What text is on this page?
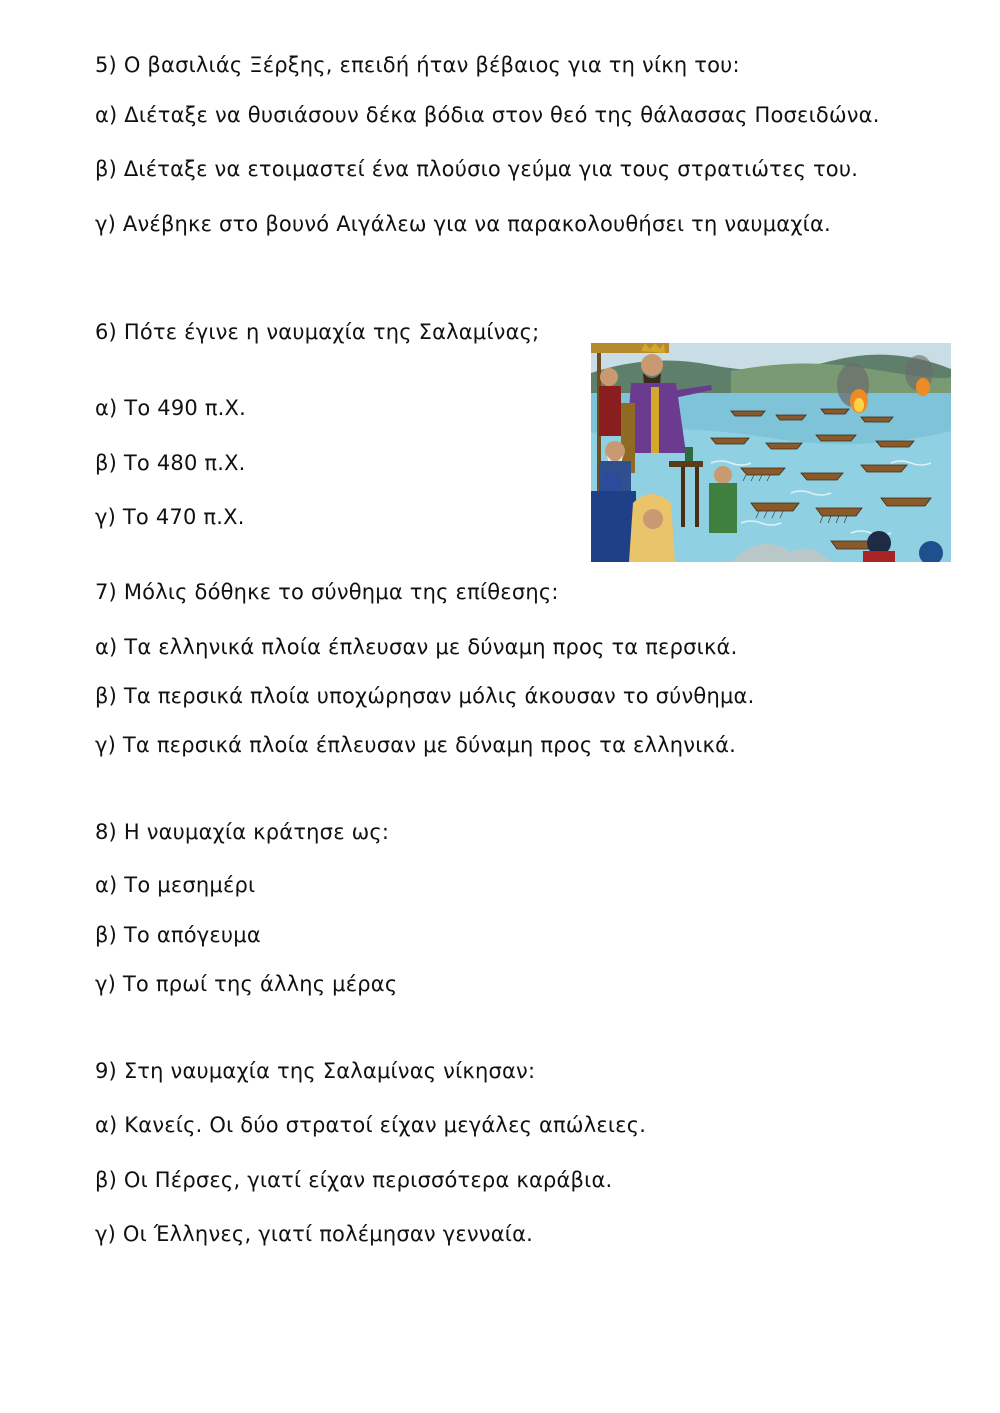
5) Ο βασιλιάς Ξέρξης, επειδή ήταν βέβαιος για τη νίκη του:
α) Διέταξε να θυσιάσουν δέκα βόδια στον θεό της θάλασσας Ποσειδώνα.
β) Διέταξε να ετοιμαστεί ένα πλούσιο γεύμα για τους στρατιώτες του.
γ) Ανέβηκε στο βουνό Αιγάλεω για να παρακολουθήσει τη ναυμαχία.
6) Πότε έγινε η ναυμαχία της Σαλαμίνας;
α) Το 490 π.Χ.
β) Το 480 π.Χ.
γ) Το 470 π.Χ.
7) Μόλις δόθηκε το σύνθημα της επίθεσης:
α) Τα ελληνικά πλοία έπλευσαν με δύναμη προς τα περσικά.
β) Τα περσικά πλοία υποχώρησαν μόλις άκουσαν το σύνθημα.
γ) Τα περσικά πλοία έπλευσαν με δύναμη προς τα ελληνικά.
8) Η ναυμαχία κράτησε ως:
α) Το μεσημέρι
β) Το απόγευμα
γ) Το πρωί της άλλης μέρας
9) Στη ναυμαχία της Σαλαμίνας νίκησαν:
α) Κανείς. Οι δύο στρατοί είχαν μεγάλες απώλειες.
β) Οι Πέρσες, γιατί είχαν περισσότερα καράβια.
γ) Οι Έλληνες, γιατί πολέμησαν γενναία.
